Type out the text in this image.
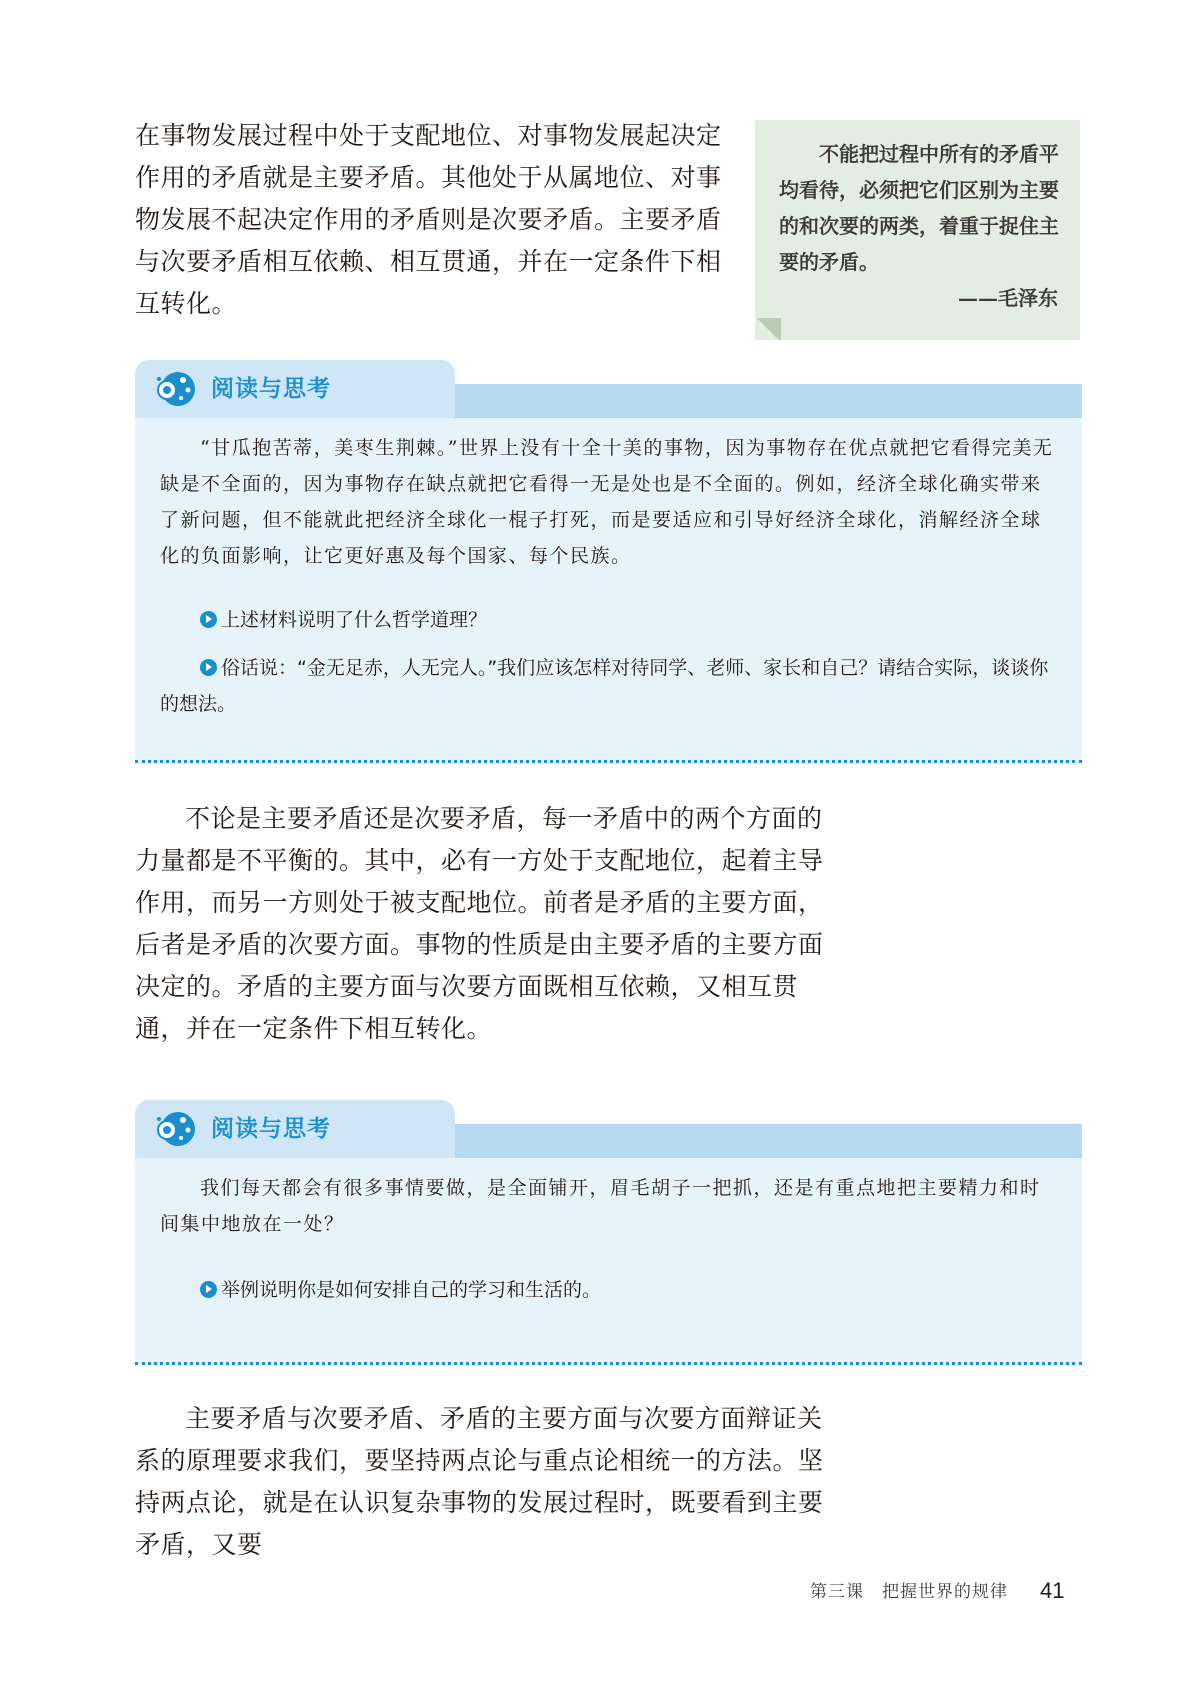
在事物发展过程中处于支配地位、对事物发展起决定作用的矛盾就是主要矛盾。其他处于从属地位、对事物发展不起决定作用的矛盾则是次要矛盾。主要矛盾与次要矛盾相互依赖、相互贯通，并在一定条件下相互转化。

不能把过程中所有的矛盾平均看待，必须把它们区别为主要的和次要的两类，着重于捉住主要的矛盾。

——毛泽东

阅读与思考

“甘瓜抱苦蒂，美枣生荆棘。”世界上没有十全十美的事物，因为事物存在优点就把它看得完美无缺是不全面的，因为事物存在缺点就把它看得一无是处也是不全面的。例如，经济全球化确实带来了新问题，但不能就此把经济全球化一棍子打死，而是要适应和引导好经济全球化，消解经济全球化的负面影响，让它更好惠及每个国家、每个民族。

上述材料说明了什么哲学道理？

俗话说：“金无足赤，人无完人。”我们应该怎样对待同学、老师、家长和自己？请结合实际，谈谈你的想法。

不论是主要矛盾还是次要矛盾，每一矛盾中的两个方面的力量都是不平衡的。其中，必有一方处于支配地位，起着主导作用，而另一方则处于被支配地位。前者是矛盾的主要方面，后者是矛盾的次要方面。事物的性质是由主要矛盾的主要方面决定的。矛盾的主要方面与次要方面既相互依赖，又相互贯通，并在一定条件下相互转化。

阅读与思考

我们每天都会有很多事情要做，是全面铺开，眉毛胡子一把抓，还是有重点地把主要精力和时间集中地放在一处？

举例说明你是如何安排自己的学习和生活的。

主要矛盾与次要矛盾、矛盾的主要方面与次要方面辩证关系的原理要求我们，要坚持两点论与重点论相统一的方法。坚持两点论，就是在认识复杂事物的发展过程时，既要看到主要矛盾，又要

第三课　把握世界的规律 41
